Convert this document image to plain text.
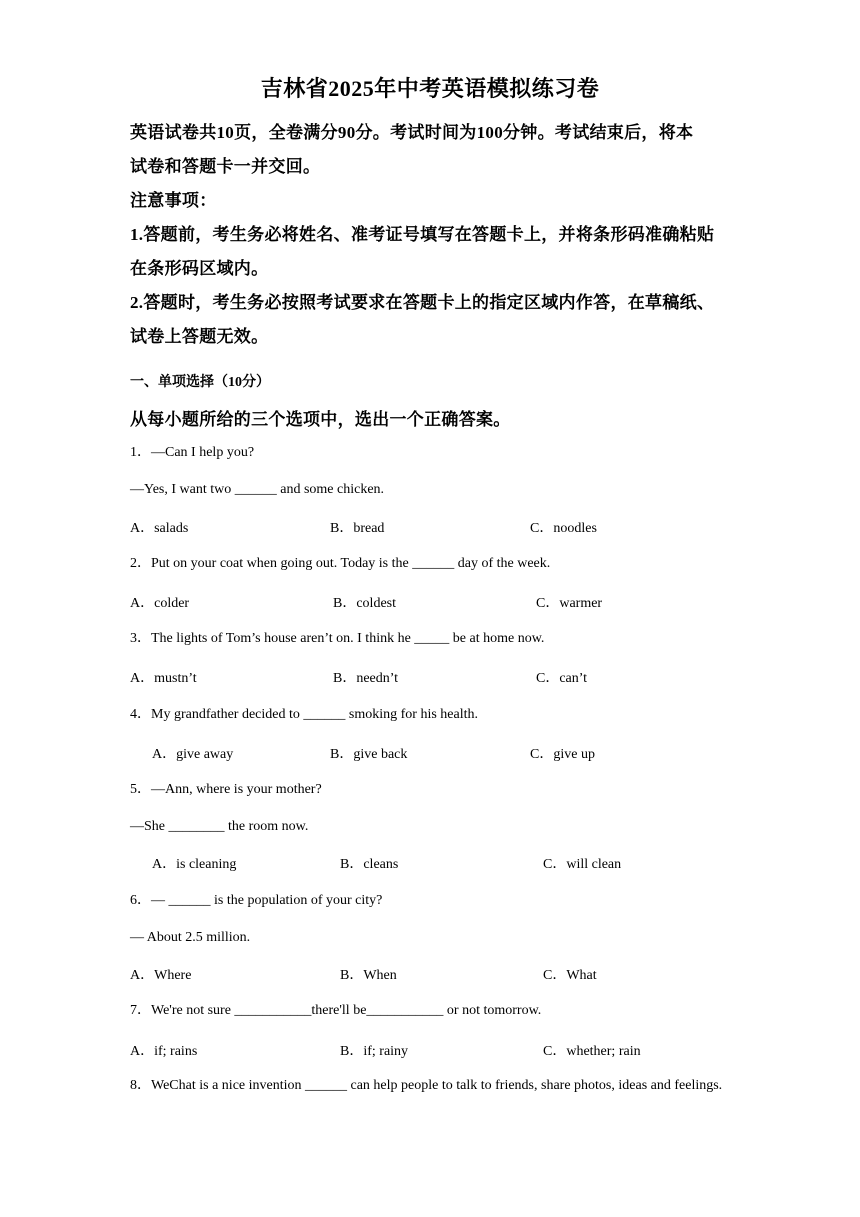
吉林省2025年中考英语模拟练习卷
英语试卷共10页，全卷满分90分。考试时间为100分钟。考试结束后，将本
试卷和答题卡一并交回。
注意事项：
1.答题前，考生务必将姓名、准考证号填写在答题卡上，并将条形码准确粘贴
在条形码区域内。
2.答题时，考生务必按照考试要求在答题卡上的指定区域内作答，在草稿纸、
试卷上答题无效。
一、单项选择（10分）
从每小题所给的三个选项中，选出一个正确答案。
1．—Can I help you?
—Yes, I want two ______ and some chicken.
A．salads	B．bread	C．noodles
2．Put on your coat when going out. Today is the ______ day of the week.
A．colder	B．coldest	C．warmer
3．The lights of Tom’s house aren’t on. I think he _____ be at home now.
A．mustn’t	B．needn’t	C．can’t
4．My grandfather decided to ______ smoking for his health.
A．give away	B．give back	C．give up
5．—Ann, where is your mother?
—She ________ the room now.
A．is cleaning	B．cleans	C．will clean
6．— ______ is the population of your city?
— About 2.5 million.
A．Where	B．When	C．What
7．We're not sure ___________there'll be___________ or not tomorrow.
A．if; rains	B．if; rainy	C．whether; rain
8．WeChat is a nice invention ______ can help people to talk to friends, share photos, ideas and feelings.
